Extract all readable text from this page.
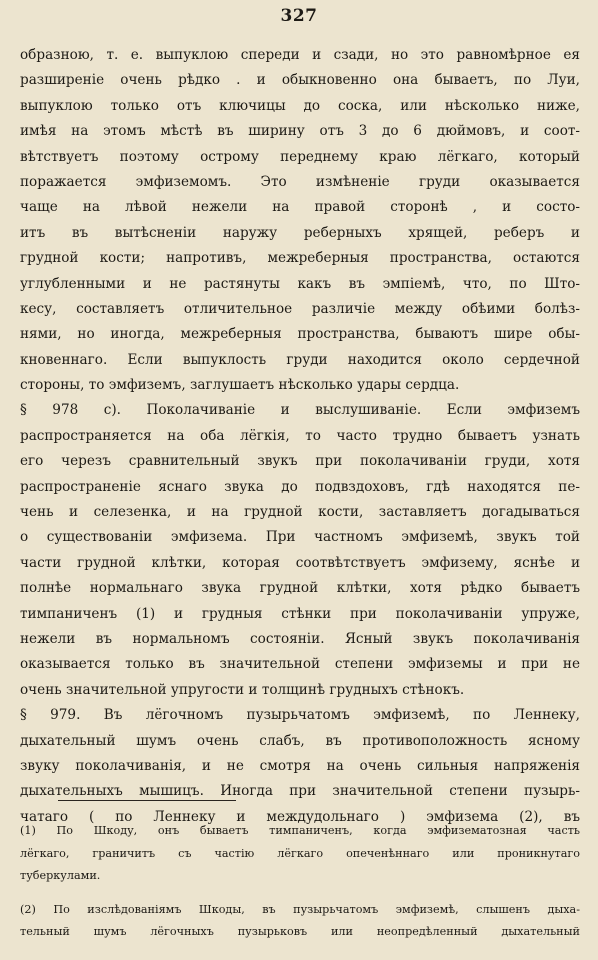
327
образною, т. е. выпуклою спереди и сзади, но это равномѣрное ея
разширеніе очень рѣдко . и обыкновенно она бываетъ, по Луи,
выпуклою только отъ ключицы до соска, или нѣсколько ниже,
имѣя на этомъ мѣстѣ въ ширину отъ 3 до 6 дюймовъ, и соот-
вѣтствуетъ поэтому острому переднему краю лёгкаго, который
поражается эмфиземомъ. Это измѣненіе груди оказывается
чаще на лѣвой нежели на правой сторонѣ , и состо-
итъ въ вытѣсненіи наружу реберныхъ хрящей, реберъ и
грудной кости; напротивъ, межреберныя пространства, остаются
углубленными и не растянуты какъ въ эмпіемѣ, что, по Што-
кесу, составляетъ отличительное различіе между обѣими болѣз-
нями, но иногда, межреберныя пространства, бываютъ шире обы-
кновеннаго. Если выпуклость груди находится около сердечной
стороны, то эмфиземъ, заглушаетъ нѣсколько удары сердца.
§ 978 с). Поколачиваніе и выслушиваніе. Если эмфиземъ
распространяется на оба лёгкія, то часто трудно бываетъ узнать
его черезъ сравнительный звукъ при поколачиваніи груди, хотя
распространеніе яснаго звука до подвздоховъ, гдѣ находятся пе-
чень и селезенка, и на грудной кости, заставляетъ догадываться
о существованіи эмфизема. При частномъ эмфиземѣ, звукъ той
части грудной клѣтки, которая соотвѣтствуетъ эмфизему, яснѣе и
полнѣе нормальнаго звука грудной клѣтки, хотя рѣдко бываетъ
тимпаниченъ (1) и грудныя стѣнки при поколачиваніи упруже,
нежели въ нормальномъ состояніи. Ясный звукъ поколачиванія
оказывается только въ значительной степени эмфиземы и при не
очень значительной упругости и толщинѣ грудныхъ стѣнокъ.
§ 979. Въ лёгочномъ пузырьчатомъ эмфиземѣ, по Леннеку,
дыхательный шумъ очень слабъ, въ противоположность ясному
звуку поколачиванія, и не смотря на очень сильныя напряженія
дыхательныхъ мышицъ. Иногда при значительной степени пузырь-
чатаго ( по Леннеку и междудольнаго ) эмфизема (2), въ
(1) По Шкоду, онъ бываетъ тимпаниченъ, когда эмфизематозная часть
лёгкаго, граничитъ съ частію лёгкаго опеченѣннаго или проникнутаго
туберкулами.
(2) По изслѣдованіямъ Шкоды, въ пузырьчатомъ эмфиземѣ, слышенъ дыха-
тельный шумъ лёгочныхъ пузырьковъ или неопредѣленный дыхательный
